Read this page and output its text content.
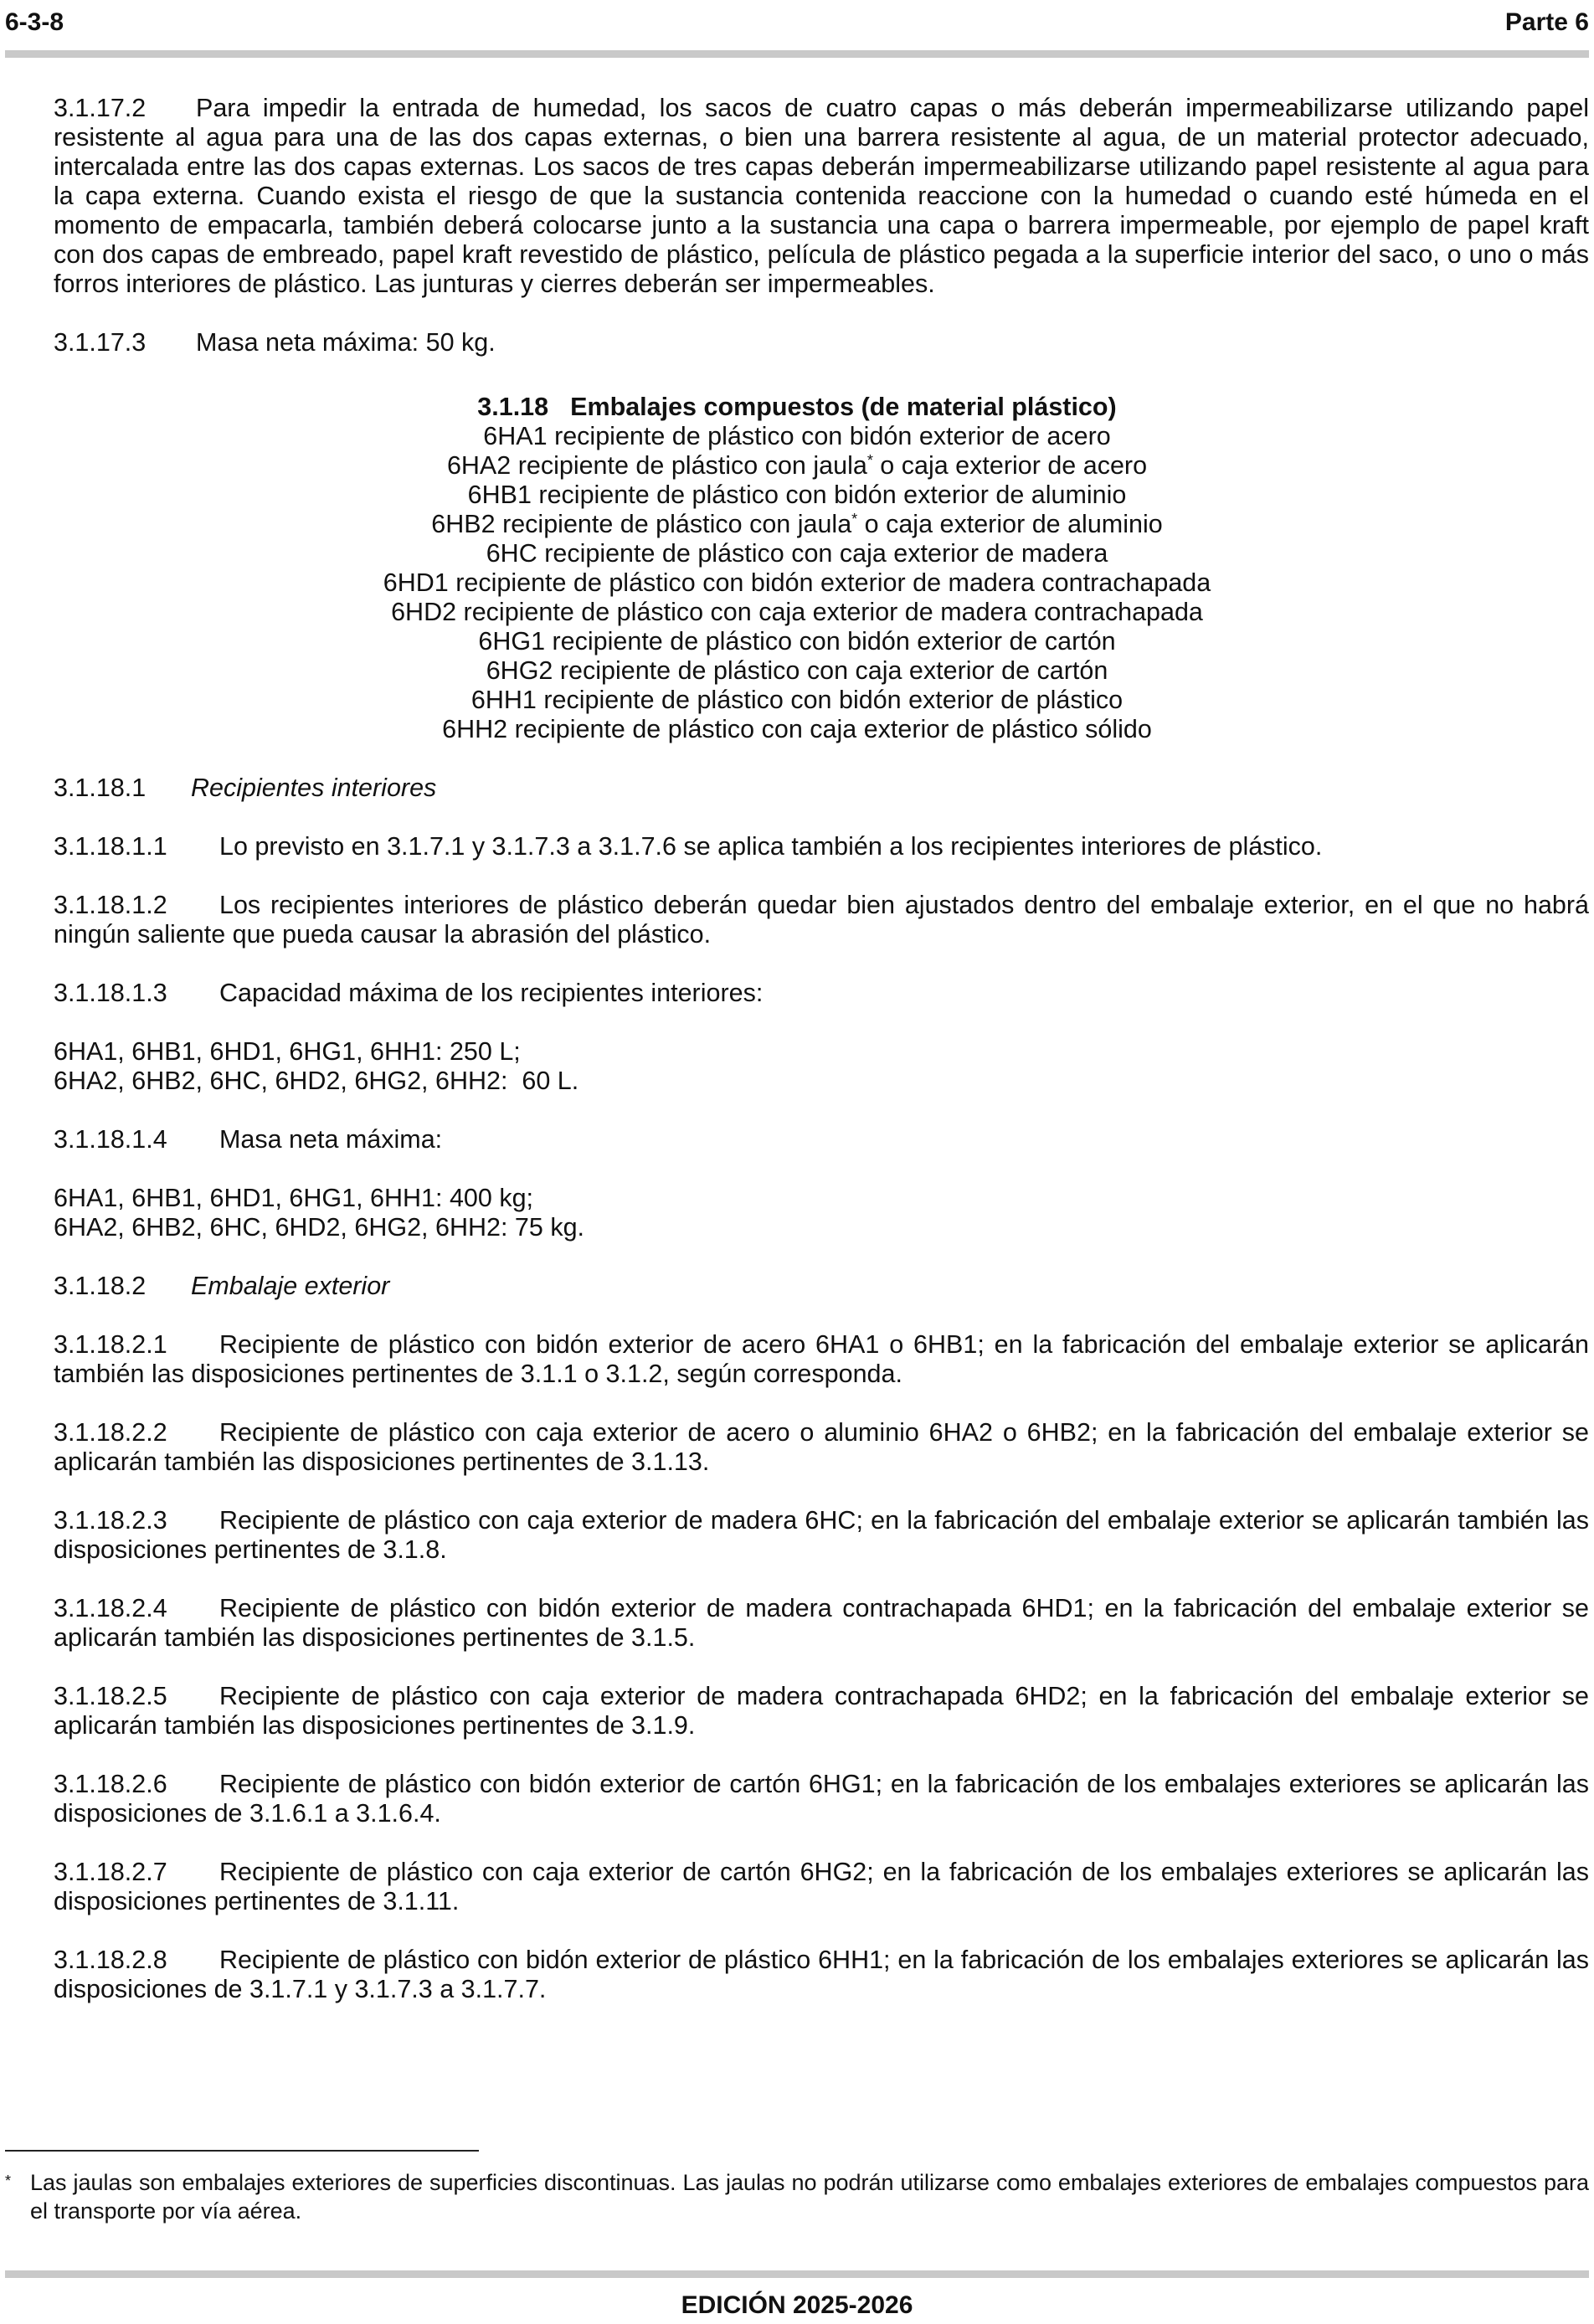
6-3-8	Parte 6

3.1.17.2 Para impedir la entrada de humedad, los sacos de cuatro capas o más deberán impermeabilizarse utilizando papel resistente al agua para una de las dos capas externas, o bien una barrera resistente al agua, de un material protector adecuado, intercalada entre las dos capas externas. Los sacos de tres capas deberán impermeabilizarse utilizando papel resistente al agua para la capa externa. Cuando exista el riesgo de que la sustancia contenida reaccione con la humedad o cuando esté húmeda en el momento de empacarla, también deberá colocarse junto a la sustancia una capa o barrera impermeable, por ejemplo de papel kraft con dos capas de embreado, papel kraft revestido de plástico, película de plástico pegada a la superficie interior del saco, o uno o más forros interiores de plástico. Las junturas y cierres deberán ser impermeables.

3.1.17.3 Masa neta máxima: 50 kg.

3.1.18 Embalajes compuestos (de material plástico)
6HA1 recipiente de plástico con bidón exterior de acero
6HA2 recipiente de plástico con jaula* o caja exterior de acero
6HB1 recipiente de plástico con bidón exterior de aluminio
6HB2 recipiente de plástico con jaula* o caja exterior de aluminio
6HC recipiente de plástico con caja exterior de madera
6HD1 recipiente de plástico con bidón exterior de madera contrachapada
6HD2 recipiente de plástico con caja exterior de madera contrachapada
6HG1 recipiente de plástico con bidón exterior de cartón
6HG2 recipiente de plástico con caja exterior de cartón
6HH1 recipiente de plástico con bidón exterior de plástico
6HH2 recipiente de plástico con caja exterior de plástico sólido

3.1.18.1 Recipientes interiores

3.1.18.1.1 Lo previsto en 3.1.7.1 y 3.1.7.3 a 3.1.7.6 se aplica también a los recipientes interiores de plástico.

3.1.18.1.2 Los recipientes interiores de plástico deberán quedar bien ajustados dentro del embalaje exterior, en el que no habrá ningún saliente que pueda causar la abrasión del plástico.

3.1.18.1.3 Capacidad máxima de los recipientes interiores:

6HA1, 6HB1, 6HD1, 6HG1, 6HH1: 250 L;
6HA2, 6HB2, 6HC, 6HD2, 6HG2, 6HH2:  60 L.

3.1.18.1.4 Masa neta máxima:

6HA1, 6HB1, 6HD1, 6HG1, 6HH1: 400 kg;
6HA2, 6HB2, 6HC, 6HD2, 6HG2, 6HH2: 75 kg.

3.1.18.2 Embalaje exterior

3.1.18.2.1 Recipiente de plástico con bidón exterior de acero 6HA1 o 6HB1; en la fabricación del embalaje exterior se aplicarán también las disposiciones pertinentes de 3.1.1 o 3.1.2, según corresponda.

3.1.18.2.2 Recipiente de plástico con caja exterior de acero o aluminio 6HA2 o 6HB2; en la fabricación del embalaje exterior se aplicarán también las disposiciones pertinentes de 3.1.13.

3.1.18.2.3 Recipiente de plástico con caja exterior de madera 6HC; en la fabricación del embalaje exterior se aplicarán también las disposiciones pertinentes de 3.1.8.

3.1.18.2.4 Recipiente de plástico con bidón exterior de madera contrachapada 6HD1; en la fabricación del embalaje exterior se aplicarán también las disposiciones pertinentes de 3.1.5.

3.1.18.2.5 Recipiente de plástico con caja exterior de madera contrachapada 6HD2; en la fabricación del embalaje exterior se aplicarán también las disposiciones pertinentes de 3.1.9.

3.1.18.2.6 Recipiente de plástico con bidón exterior de cartón 6HG1; en la fabricación de los embalajes exteriores se aplicarán las disposiciones de 3.1.6.1 a 3.1.6.4.

3.1.18.2.7 Recipiente de plástico con caja exterior de cartón 6HG2; en la fabricación de los embalajes exteriores se aplicarán las disposiciones pertinentes de 3.1.11.

3.1.18.2.8 Recipiente de plástico con bidón exterior de plástico 6HH1; en la fabricación de los embalajes exteriores se aplicarán las disposiciones de 3.1.7.1 y 3.1.7.3 a 3.1.7.7.

* Las jaulas son embalajes exteriores de superficies discontinuas. Las jaulas no podrán utilizarse como embalajes exteriores de embalajes compuestos para el transporte por vía aérea.
EDICIÓN 2025-2026
